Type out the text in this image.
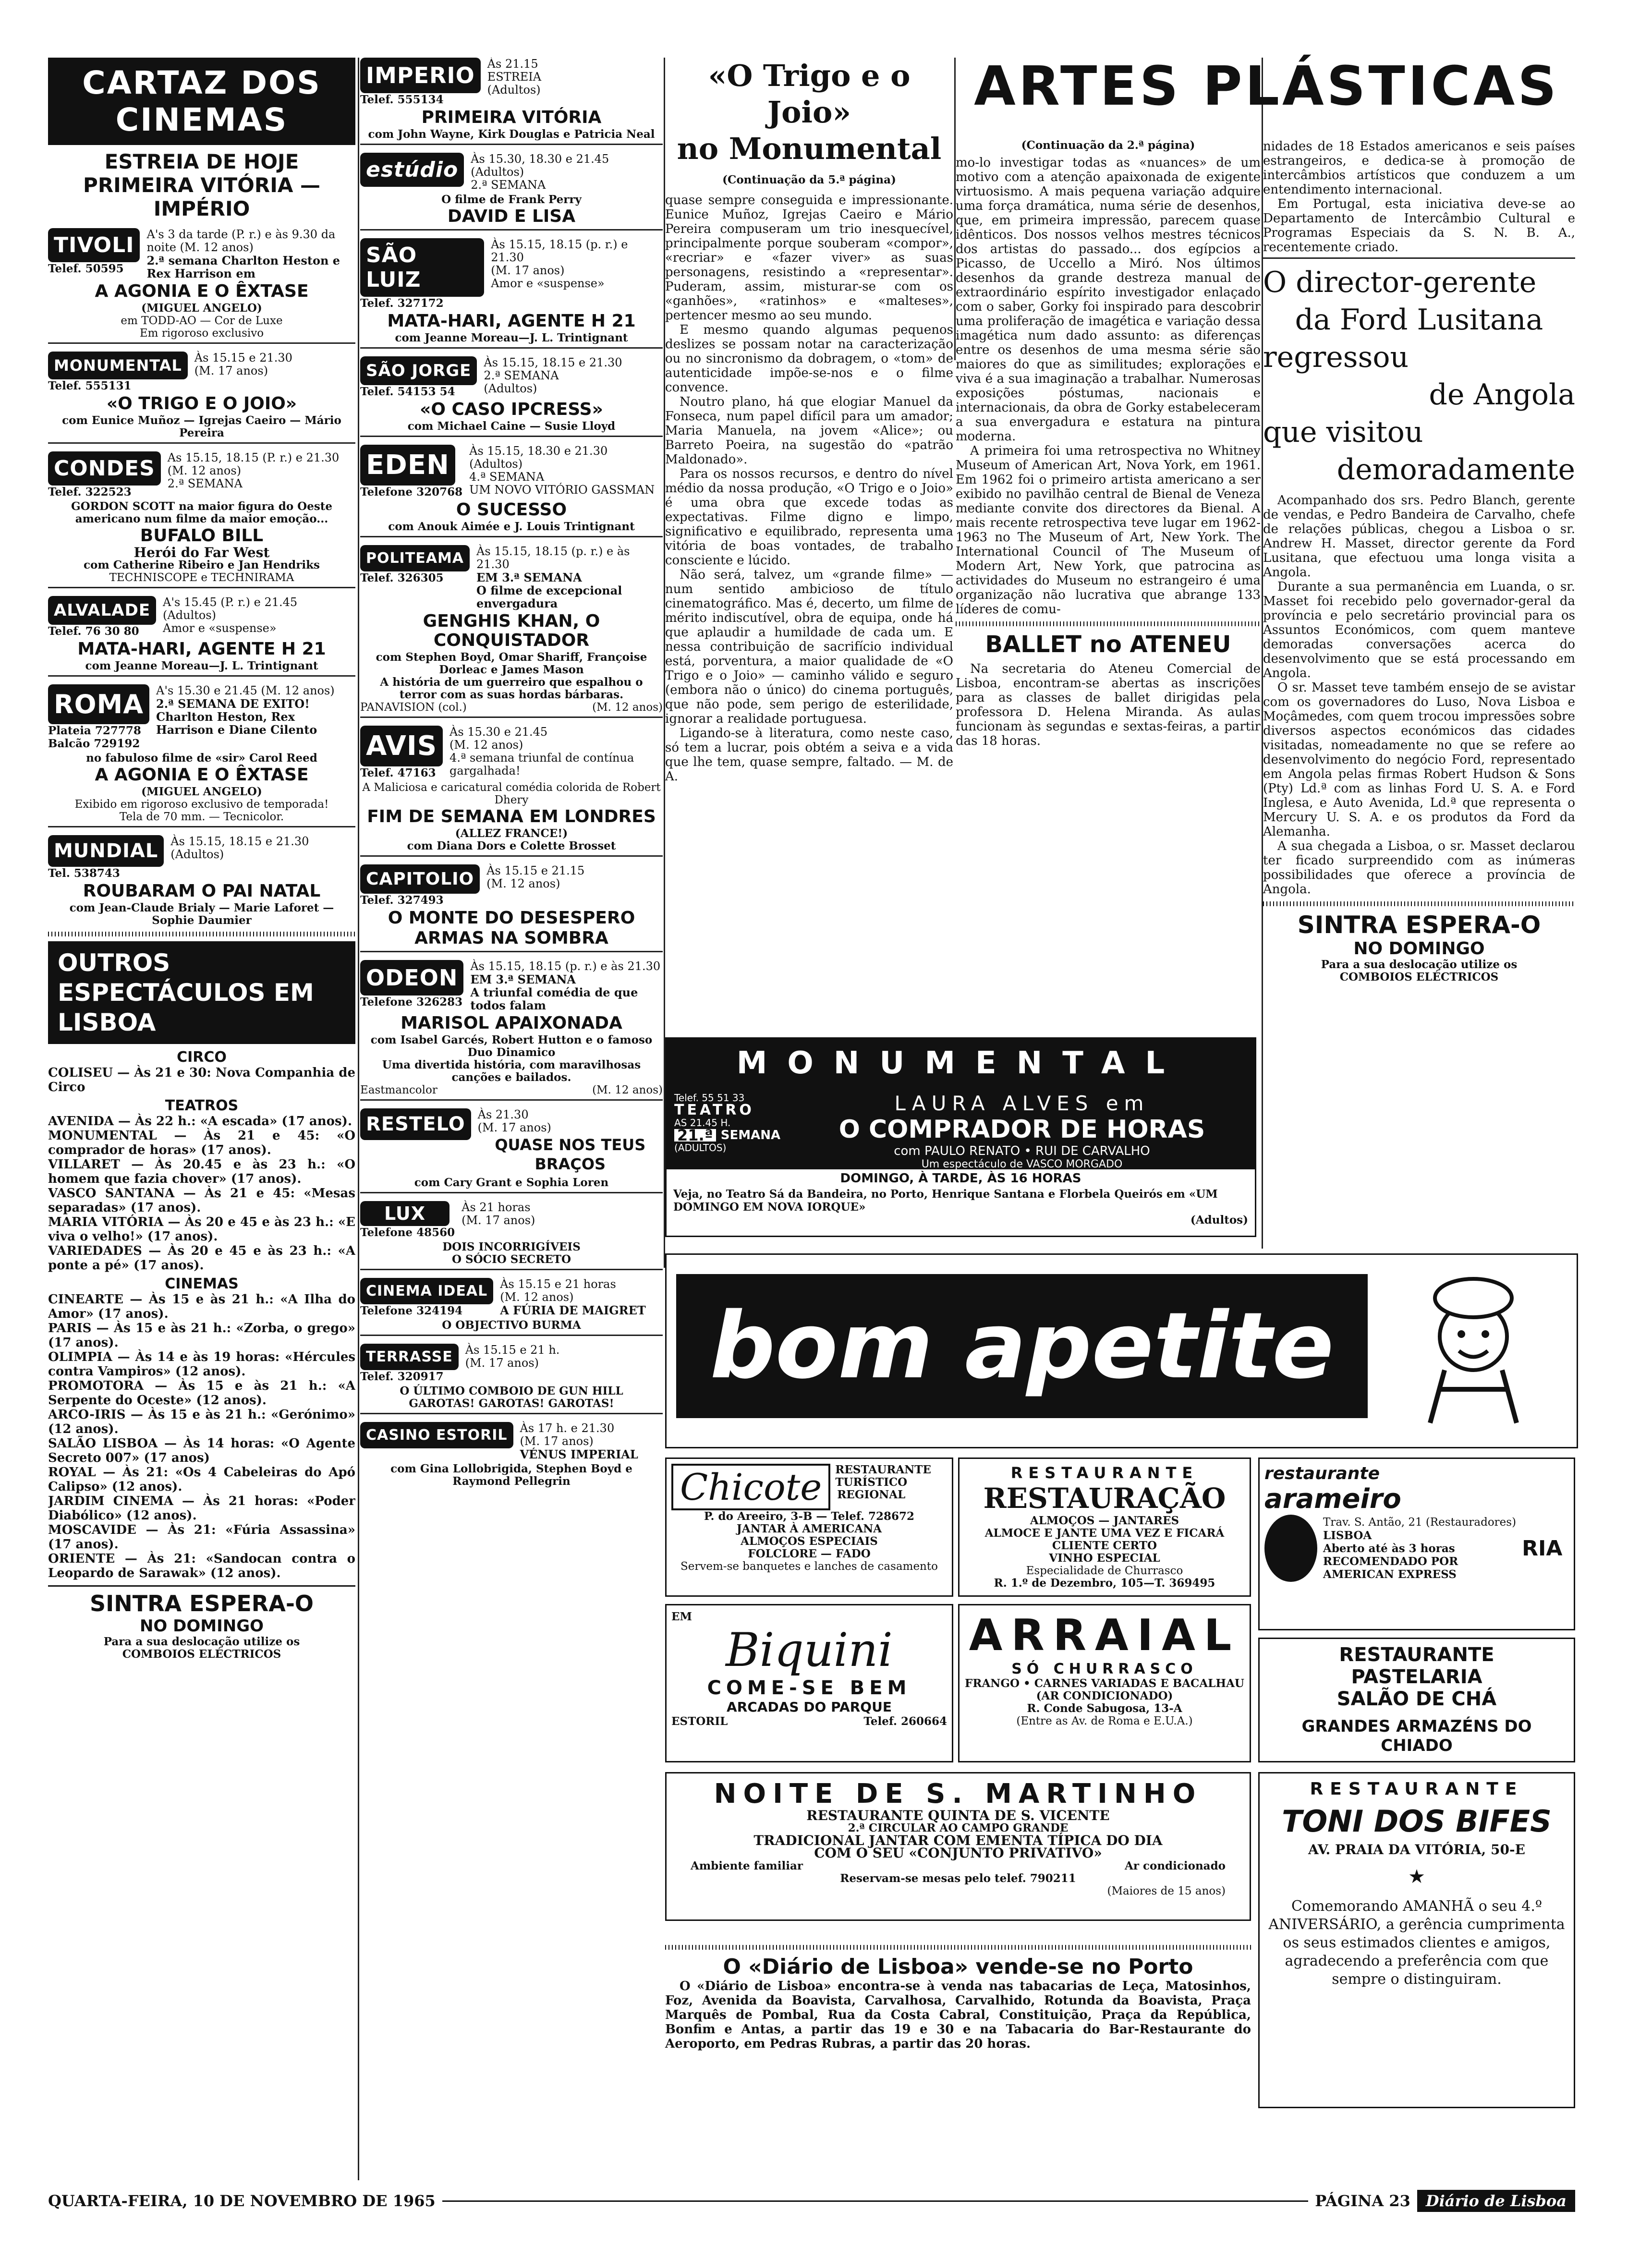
CARTAZ DOS CINEMAS
ESTREIA DE HOJE
PRIMEIRA VITÓRIA — IMPÉRIO
TIVOLI
Telef. 50595
A's 3 da tarde (P. r.) e às 9.30 da noite (M. 12 anos)
2.ª semana Charlton Heston e Rex Harrison em
A AGONIA E O ÊXTASE
(MIGUEL ANGELO)
em TODD-AO — Cor de Luxe
Em rigoroso exclusivo
MONUMENTAL
Telef. 555131
Às 15.15 e 21.30
(M. 17 anos)
«O TRIGO E O JOIO»
com Eunice Muñoz — Igrejas Caeiro — Mário Pereira
CONDES
Telef. 322523
As 15.15, 18.15 (P. r.) e 21.30
(M. 12 anos)
2.ª SEMANA
GORDON SCOTT na maior figura do Oeste americano num filme da maior emoção...
BUFALO BILL
Herói do Far West
com Catherine Ribeiro e Jan Hendriks
TECHNISCOPE e TECHNIRAMA
ALVALADE
Telef. 76 30 80
A's 15.45 (P. r.) e 21.45
(Adultos)
Amor e «suspense»
MATA-HARI, AGENTE H 21
com Jeanne Moreau—J. L. Trintignant
ROMA
Plateia 727778
Balcão 729192
A's 15.30 e 21.45 (M. 12 anos)
2.ª SEMANA DE EXITO!
Charlton Heston, Rex Harrison e Diane Cilento
no fabuloso filme de «sir» Carol Reed
A AGONIA E O ÊXTASE
(MIGUEL ANGELO)
Exibido em rigoroso exclusivo de temporada!
Tela de 70 mm. — Tecnicolor.
MUNDIAL
Tel. 538743
Às 15.15, 18.15 e 21.30
(Adultos)
ROUBARAM O PAI NATAL
com Jean-Claude Brialy — Marie Laforet — Sophie Daumier
OUTROS ESPECTÁCULOS EM LISBOA
CIRCO

COLISEU — Às 21 e 30: Nova Companhia de Circo

TEATROS

AVENIDA — Às 22 h.: «A escada» (17 anos).

MONUMENTAL — Às 21 e 45: «O comprador de horas» (17 anos).

VILLARET — Às 20.45 e às 23 h.: «O homem que fazia chover» (17 anos).

VASCO SANTANA — Às 21 e 45: «Mesas separadas» (17 anos).

MARIA VITÓRIA — Às 20 e 45 e às 23 h.: «E viva o velho!» (17 anos).

VARIEDADES — Às 20 e 45 e às 23 h.: «A ponte a pé» (17 anos).

CINEMAS

CINEARTE — Às 15 e às 21 h.: «A Ilha do Amor» (17 anos).

PARIS — Às 15 e às 21 h.: «Zorba, o grego» (17 anos).

OLIMPIA — Às 14 e às 19 horas: «Hércules contra Vampiros» (12 anos).

PROMOTORA — Às 15 e às 21 h.: «A Serpente do Oceste» (12 anos).

ARCO-IRIS — Às 15 e às 21 h.: «Gerónimo» (12 anos).

SALÃO LISBOA — Às 14 horas: «O Agente Secreto 007» (17 anos)

ROYAL — Às 21: «Os 4 Cabeleiras do Apó Calipso» (12 anos).

JARDIM CINEMA — Às 21 horas: «Poder Diabólico» (12 anos).

MOSCAVIDE — Às 21: «Fúria Assassina» (17 anos).

ORIENTE — Às 21: «Sandocan contra o Leopardo de Sarawak» (12 anos).

SINTRA ESPERA-O
NO DOMINGO
Para a sua deslocação utilize os
COMBOIOS ELÉCTRICOS
IMPERIO
Telef. 555134
Às 21.15
ESTREIA
(Adultos)
PRIMEIRA VITÓRIA
com John Wayne, Kirk Douglas e Patricia Neal
estúdio	Às 15.30, 18.30 e 21.45
(Adultos)
2.ª SEMANA
O filme de Frank Perry
DAVID E LISA
SÃO LUIZ
Telef. 327172
Às 15.15, 18.15 (p. r.) e 21.30
(M. 17 anos)
Amor e «suspense»
MATA-HARI, AGENTE H 21
com Jeanne Moreau—J. L. Trintignant
SÃO JORGE
Telef. 54153 54
Às 15.15, 18.15 e 21.30
2.ª SEMANA
(Adultos)
«O CASO IPCRESS»
com Michael Caine — Susie Lloyd
EDEN
Telefone 320768
Às 15.15, 18.30 e 21.30
(Adultos)
4.ª SEMANA
UM NOVO VITÓRIO GASSMAN
O SUCESSO
com Anouk Aimée e J. Louis Trintignant
POLITEAMA
Telef. 326305
Às 15.15, 18.15 (p. r.) e às 21.30
EM 3.ª SEMANA
O filme de excepcional envergadura
GENGHIS KHAN, O CONQUISTADOR
com Stephen Boyd, Omar Shariff, Françoise Dorleac e James Mason
A história de um guerreiro que espalhou o terror com as suas hordas bárbaras.
PANAVISION (col.)	(M. 12 anos)
AVIS
Telef. 47163
Às 15.30 e 21.45
(M. 12 anos)
4.ª semana triunfal de contínua gargalhada!
A Maliciosa e caricatural comédia colorida de Robert Dhery
FIM DE SEMANA EM LONDRES
(ALLEZ FRANCE!)
com Diana Dors e Colette Brosset
CAPITOLIO
Telef. 327493
Às 15.15 e 21.15
(M. 12 anos)
O MONTE DO DESESPERO
ARMAS NA SOMBRA
ODEON
Telefone 326283
Às 15.15, 18.15 (p. r.) e às 21.30
EM 3.ª SEMANA
A triunfal comédia de que todos falam
MARISOL APAIXONADA
com Isabel Garcés, Robert Hutton e o famoso Duo Dinamico
Uma divertida história, com maravilhosas canções e bailados.
Eastmancolor	(M. 12 anos)
RESTELO	Às 21.30
(M. 17 anos)
QUASE NOS TEUS BRAÇOS
com Cary Grant e Sophia Loren
LUX
Telefone 48560
Às 21 horas
(M. 17 anos)
DOIS INCORRIGÍVEIS
O SÓCIO SECRETO
CINEMA IDEAL
Telefone 324194
Às 15.15 e 21 horas
(M. 12 anos)
A FÚRIA DE MAIGRET
O OBJECTIVO BURMA
TERRASSE
Telef. 320917
Às 15.15 e 21 h.
(M. 17 anos)
O ÚLTIMO COMBOIO DE GUN HILL
GAROTAS! GAROTAS! GAROTAS!
CASINO ESTORIL	Às 17 h. e 21.30
(M. 17 anos)
VÉNUS IMPERIAL
com Gina Lollobrigida, Stephen Boyd e Raymond Pellegrin
«O Trigo e o Joio»
no Monumental
(Continuação da 5.ª página)

quase sempre conseguida e impressionante. Eunice Muñoz, Igrejas Caeiro e Mário Pereira compuseram um trio inesquecível, principalmente porque souberam «compor», «recriar» e «fazer viver» as suas personagens, resistindo a «representar». Puderam, assim, misturar-se com os «ganhões», «ratinhos» e «malteses», pertencer mesmo ao seu mundo.

E mesmo quando algumas pequenos deslizes se possam notar na caracterização ou no sincronismo da dobragem, o «tom» de autenticidade impõe-se-nos e o filme convence.

Noutro plano, há que elogiar Manuel da Fonseca, num papel difícil para um amador; Maria Manuela, na jovem «Alice»; ou Barreto Poeira, na sugestão do «patrão Maldonado».

Para os nossos recursos, e dentro do nível médio da nossa produção, «O Trigo e o Joio» é uma obra que excede todas as expectativas. Filme digno e limpo, significativo e equilibrado, representa uma vitória de boas vontades, de trabalho consciente e lúcido.

Não será, talvez, um «grande filme» — num sentido ambicioso de título cinematográfico. Mas é, decerto, um filme de mérito indiscutível, obra de equipa, onde há que aplaudir a humildade de cada um. E nessa contribuição de sacrifício individual está, porventura, a maior qualidade de «O Trigo e o Joio» — caminho válido e seguro (embora não o único) do cinema português, que não pode, sem perigo de esterilidade, ignorar a realidade portuguesa.

Ligando-se à literatura, como neste caso, só tem a lucrar, pois obtém a seiva e a vida que lhe tem, quase sempre, faltado. — M. de A.

ARTES PLÁSTICAS
(Continuação da 2.ª página)

mo-lo investigar todas as «nuances» de um motivo com a atenção apaixonada de exigente virtuosismo. A mais pequena variação adquire uma força dramática, numa série de desenhos, que, em primeira impressão, parecem quase idênticos. Dos nossos velhos mestres técnicos dos artistas do passado... dos egípcios a Picasso, de Uccello a Miró. Nos últimos desenhos da grande destreza manual de extraordinário espírito investigador enlaçado com o saber, Gorky foi inspirado para descobrir uma proliferação de imagética e variação dessa imagética num dado assunto: as diferenças entre os desenhos de uma mesma série são maiores do que as similitudes; explorações e viva é a sua imaginação a trabalhar. Numerosas exposições póstumas, nacionais e internacionais, da obra de Gorky estabeleceram a sua envergadura e estatura na pintura moderna.

A primeira foi uma retrospectiva no Whitney Museum of American Art, Nova York, em 1961. Em 1962 foi o primeiro artista americano a ser exibido no pavilhão central de Bienal de Veneza mediante convite dos directores da Bienal. A mais recente retrospectiva teve lugar em 1962-1963 no The Museum of Art, New York. The International Council of The Museum of Modern Art, New York, que patrocina as actividades do Museum no estrangeiro é uma organização não lucrativa que abrange 133 líderes de comu-

BALLET no ATENEU

Na secretaria do Ateneu Comercial de Lisboa, encontram-se abertas as inscrições para as classes de ballet dirigidas pela professora D. Helena Miranda. As aulas funcionam às segundas e sextas-feiras, a partir das 18 horas.

nidades de 18 Estados americanos e seis países estrangeiros, e dedica-se à promoção de intercâmbios artísticos que conduzem a um entendimento internacional.

Em Portugal, esta iniciativa deve-se ao Departamento de Intercâmbio Cultural e Programas Especiais da S. N. B. A., recentemente criado.

O director-gerente
da Ford Lusitana
regressou
de Angola
que visitou
demoradamente

Acompanhado dos srs. Pedro Blanch, gerente de vendas, e Pedro Bandeira de Carvalho, chefe de relações públicas, chegou a Lisboa o sr. Andrew H. Masset, director gerente da Ford Lusitana, que efectuou uma longa visita a Angola.

Durante a sua permanência em Luanda, o sr. Masset foi recebido pelo governador-geral da província e pelo secretário provincial para os Assuntos Económicos, com quem manteve demoradas conversações acerca do desenvolvimento que se está processando em Angola.

O sr. Masset teve também ensejo de se avistar com os governadores do Luso, Nova Lisboa e Moçâmedes, com quem trocou impressões sobre diversos aspectos económicos das cidades visitadas, nomeadamente no que se refere ao desenvolvimento do negócio Ford, representado em Angola pelas firmas Robert Hudson & Sons (Pty) Ld.ª com as linhas Ford U. S. A. e Ford Inglesa, e Auto Avenida, Ld.ª que representa o Mercury U. S. A. e os produtos da Ford da Alemanha.

A sua chegada a Lisboa, o sr. Masset declarou ter ficado surpreendido com as inúmeras possibilidades que oferece a província de Angola.

SINTRA ESPERA-O
NO DOMINGO
Para a sua deslocação utilize os
COMBOIOS ELÉCTRICOS
MONUMENTAL
Telef. 55 51 33
TEATRO
AS 21.45 H.
21.ª SEMANA
(ADULTOS)
LAURA ALVES em
O COMPRADOR DE HORAS
com PAULO RENATO • RUI DE CARVALHO
Um espectáculo de VASCO MORGADO
DOMINGO, À TARDE, ÀS 16 HORAS
Veja, no Teatro Sá da Bandeira, no Porto, Henrique Santana e Florbela Queirós em «UM DOMINGO EM NOVA IORQUE»
(Adultos)
bom apetite
Chicote	RESTAURANTE TURÍSTICO REGIONAL
P. do Areeiro, 3-B — Telef. 728672
JANTAR À AMERICANA
ALMOÇOS ESPECIAIS
FOLCLORE — FADO
Servem-se banquetes e lanches de casamento
RESTAURANTE
RESTAURAÇÃO
ALMOÇOS — JANTARES
ALMOCE E JANTE UMA VEZ E FICARÁ CLIENTE CERTO
VINHO ESPECIAL
Especialidade de Churrasco
R. 1.º de Dezembro, 105—T. 369495
restaurante
arameiro
Trav. S. Antão, 21 (Restauradores)
LISBOA
Aberto até às 3 horas
RECOMENDADO POR
AMERICAN EXPRESS
RIA
EM
Biquini
COME-SE BEM
ARCADAS DO PARQUE
ESTORIL	Telef. 260664
ARRAIAL
SÓ CHURRASCO
FRANGO • CARNES VARIADAS E BACALHAU
(AR CONDICIONADO)
R. Conde Sabugosa, 13-A
(Entre as Av. de Roma e E.U.A.)
RESTAURANTE
PASTELARIA
SALÃO DE CHÁ
GRANDES ARMAZÉNS DO CHIADO
NOITE DE S. MARTINHO
RESTAURANTE QUINTA DE S. VICENTE
2.ª CIRCULAR AO CAMPO GRANDE
TRADICIONAL JANTAR COM EMENTA TÍPICA DO DIA
COM O SEU «CONJUNTO PRIVATIVO»
Ambiente familiar	Ar condicionado
Reservam-se mesas pelo telef. 790211
(Maiores de 15 anos)
RESTAURANTE
TONI DOS BIFES
AV. PRAIA DA VITÓRIA, 50-E
★
Comemorando AMANHÃ o seu 4.º ANIVERSÁRIO, a gerência cumprimenta os seus estimados clientes e amigos, agradecendo a preferência com que sempre o distinguiram.
O «Diário de Lisboa» vende-se no Porto

O «Diário de Lisboa» encontra-se à venda nas tabacarias de Leça, Matosinhos, Foz, Avenida da Boavista, Carvalhosa, Carvalhido, Rotunda da Boavista, Praça Marquês de Pombal, Rua da Costa Cabral, Constituição, Praça da República, Bonfim e Antas, a partir das 19 e 30 e na Tabacaria do Bar-Restaurante do Aeroporto, em Pedras Rubras, a partir das 20 horas.

QUARTA-FEIRA, 10 DE NOVEMBRO DE 1965	PÁGINA 23	Diário de Lisboa
